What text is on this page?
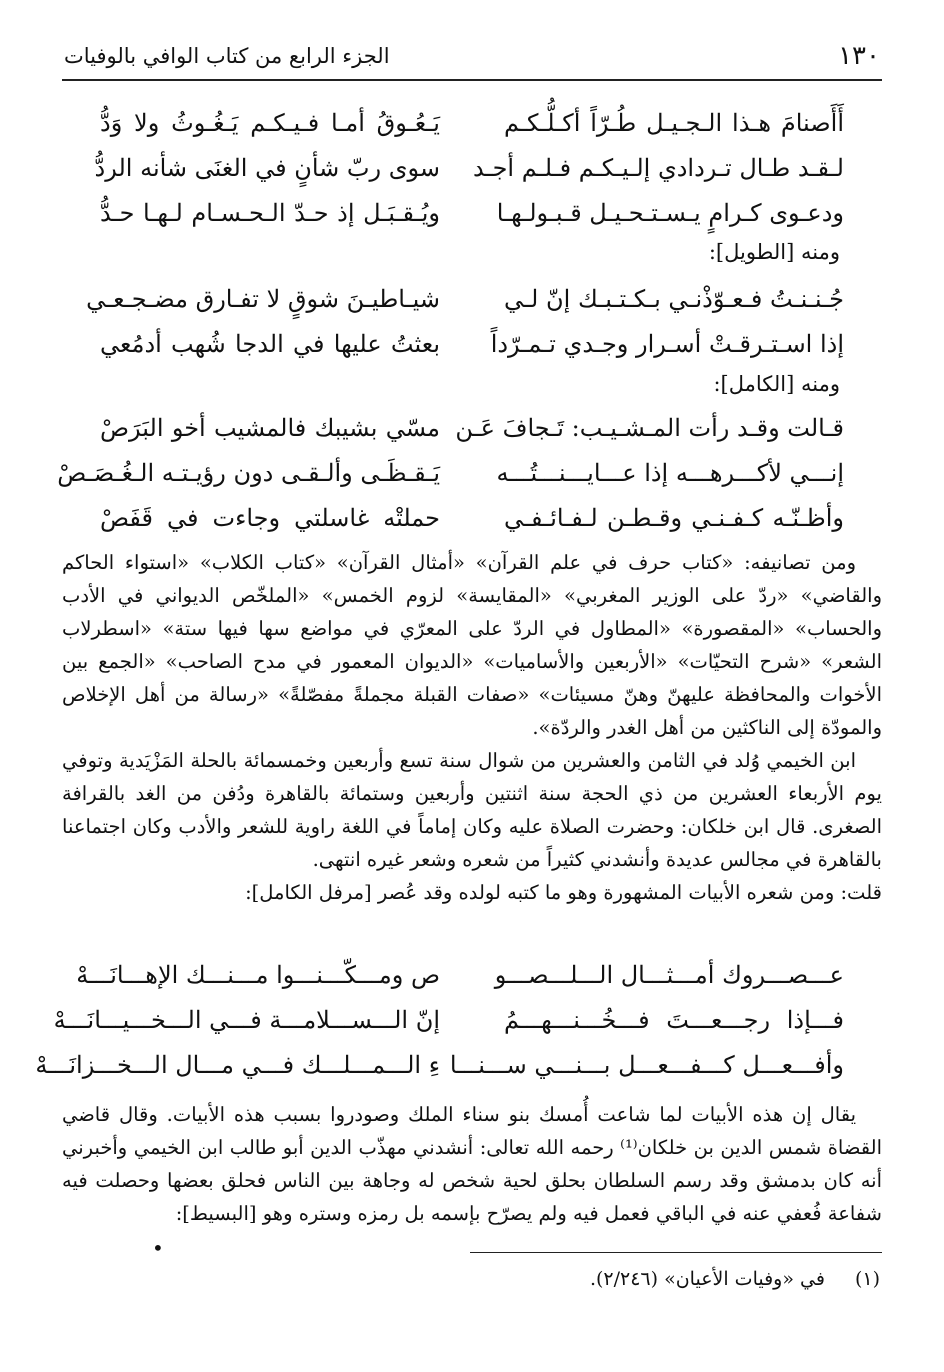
١٣٠
الجزء الرابع من كتاب الوافي بالوفيات
أَأَصنامَ هـذا الـجـيـل طُـرّاً أكـلُّـكـم
يَـعُـوقُ أمـا فـيـكـم يَـغُـوثُ ولا وَدُّ
لـقـد طـال تـردادي إلـيـكـم فـلـم أجـد
سوى ربّ شأنٍ في الغنَى شأنه الردُّ
ودعـوى كـرامٍ يـسـتـحـيـل قـبـولـهـا
ويُـقـبَـل إذ حـدّ الـحـسـام لـهـا حـدُّ
ومنه [الطويل]:
جُـنـنـتُ فـعـوّذْنـي بـكـتـبـك إنّ لـي
شيـاطيـنَ شوقٍ لا تفـارق مضـجـعـي
إذا اسـتـرقـتْ أسـرار وجـدي تـمـرّداً
بعثتُ عليها في الدجا شُهب أدمُعي
ومنه [الكامل]:
قـالت وقـد رأت المـشـيـب: تَـجافَ عَـن
مسّي بشيبك فالمشيب أخو البَرَصْ
إنـــي لأكـــرهـــه إذا عـــايـــنـــتُـــه
يَـقـظَـى وألـقـى دون رؤيـتـه الـغُـصَـصْ
وأظـنّـه كـفـنـي وقـطـن لـفـائـفـي
حملتْه غاسلتي وجاءت في قَفَصْ

ومن تصانيفه: «كتاب حرف في علم القرآن» «أمثال القرآن» «كتاب الكلاب» «استواء الحاكم والقاضي» «ردّ على الوزير المغربي» «المقايسة» لزوم الخمس» «الملخّص الديواني في الأدب والحساب» «المقصورة» «المطاول في الردّ على المعرّي في مواضع سها فيها ستة» «اسطرلاب الشعر» «شرح التحيّات» «الأربعين والأساميات» «الديوان المعمور في مدح الصاحب» «الجمع بين الأخوات والمحافظة عليهنّ وهنّ مسيئات» «صفات القبلة مجملةً مفصّلةً» «رسالة من أهل الإخلاص والمودّة إلى الناكثين من أهل الغدر والردّة».

ابن الخيمي وُلد في الثامن والعشرين من شوال سنة تسع وأربعين وخمسمائة بالحلة المَزْيَدية وتوفي يوم الأربعاء العشرين من ذي الحجة سنة اثنتين وأربعين وستمائة بالقاهرة ودُفن من الغد بالقرافة الصغرى. قال ابن خلكان: وحضرت الصلاة عليه وكان إماماً في اللغة راوية للشعر والأدب وكان اجتماعنا بالقاهرة في مجالس عديدة وأنشدني كثيراً من شعره وشعر غيره انتهى.

قلت: ومن شعره الأبيات المشهورة وهو ما كتبه لولده وقد عُصر [مرفل الكامل]:

عـــصـــروك أمـــثـــال الـــلـــصـــو
ص ومـــكّـــنـــوا مـــنـــك الإهـــانَـــهْ
فـــإذا رجـــعـــتَ فـــخُـــنـــهـــمُ
إنّ الـــســـلامـــة فـــي الـــخـــيـــانَـــهْ
وأفـــعـــل كـــفـــعـــل بـــنـــي ســـنـــا
ءِ الـــمـــلـــك فـــي مـــال الـــخـــزانَـــهْ

يقال إن هذه الأبيات لما شاعت أُمسك بنو سناء الملك وصودروا بسبب هذه الأبيات. وقال قاضي القضاة شمس الدين بن خلكان⁽¹⁾ رحمه الله تعالى: أنشدني مهذّب الدين أبو طالب ابن الخيمي وأخبرني أنه كان بدمشق وقد رسم السلطان بحلق لحية شخص له وجاهة بين الناس فحلق بعضها وحصلت فيه شفاعة فُعفي عنه في الباقي فعمل فيه ولم يصرّح بإسمه بل رمزه وستره وهو [البسيط]:

•
(١)
في «وفيات الأعيان» (٢/٢٤٦).
